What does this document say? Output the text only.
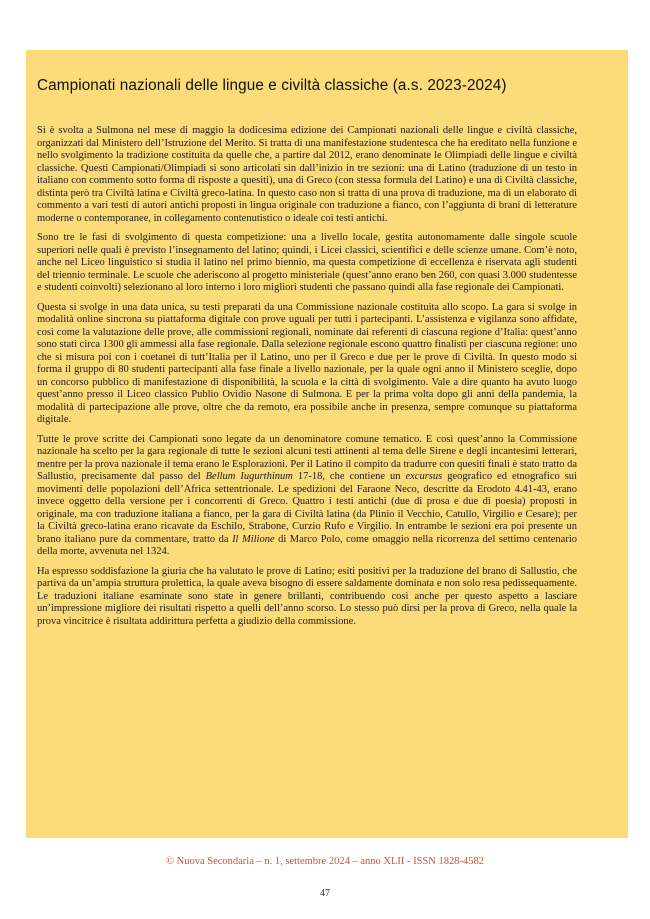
Campionati nazionali delle lingue e civiltà classiche (a.s. 2023-2024)

Si è svolta a Sulmona nel mese di maggio la dodicesima edizione dei Campionati nazionali delle lingue e civiltà classiche, organizzati dal Ministero dell’Istruzione del Merito. Si tratta di una manifestazione studentesca che ha ereditato nella funzione e nello svolgimento la tradizione costituita da quelle che, a partire dal 2012, erano denominate le Olimpiadi delle lingue e civiltà classiche. Questi Campionati/Olimpiadi si sono articolati sin dall’inizio in tre sezioni: una di Latino (traduzione di un testo in italiano con commento sotto forma di risposte a quesiti), una di Greco (con stessa formula del Latino) e una di Civiltà classiche, distinta però tra Civiltà latina e Civiltà greco-latina. In questo caso non si tratta di una prova di traduzione, ma di un elaborato di commento a vari testi di autori antichi proposti in lingua originale con traduzione a fianco, con l’aggiunta di brani di letterature moderne o contemporanee, in collegamento contenutistico o ideale coi testi antichi.

Sono tre le fasi di svolgimento di questa competizione: una a livello locale, gestita autonomamente dalle singole scuole superiori nelle quali è previsto l’insegnamento del latino; quindi, i Licei classici, scientifici e delle scienze umane. Com’è noto, anche nel Liceo linguistico si studia il latino nel primo biennio, ma questa competizione di eccellenza è riservata agli studenti del triennio terminale. Le scuole che aderiscono al progetto ministeriale (quest’anno erano ben 260, con quasi 3.000 studentesse e studenti coinvolti) selezionano al loro interno i loro migliori studenti che passano quindi alla fase regionale dei Campionati.

Questa si svolge in una data unica, su testi preparati da una Commissione nazionale costituita allo scopo. La gara si svolge in modalità online sincrona su piattaforma digitale con prove uguali per tutti i partecipanti. L’assistenza e vigilanza sono affidate, così come la valutazione delle prove, alle commissioni regionali, nominate dai referenti di ciascuna regione d’Italia: quest’anno sono stati circa 1300 gli ammessi alla fase regionale. Dalla selezione regionale escono quattro finalisti per ciascuna regione: uno che si misura poi con i coetanei di tutt’Italia per il Latino, uno per il Greco e due per le prove di Civiltà. In questo modo si forma il gruppo di 80 studenti partecipanti alla fase finale a livello nazionale, per la quale ogni anno il Ministero sceglie, dopo un concorso pubblico di manifestazione di disponibilità, la scuola e la città di svolgimento. Vale a dire quanto ha avuto luogo quest’anno presso il Liceo classico Publio Ovidio Nasone di Sulmona. E per la prima volta dopo gli anni della pandemia, la modalità di partecipazione alle prove, oltre che da remoto, era possibile anche in presenza, sempre comunque su piattaforma digitale.

Tutte le prove scritte dei Campionati sono legate da un denominatore comune tematico. E così quest’anno la Commissione nazionale ha scelto per la gara regionale di tutte le sezioni alcuni testi attinenti al tema delle Sirene e degli incantesimi letterari, mentre per la prova nazionale il tema erano le Esplorazioni. Per il Latino il compito da tradurre con quesiti finali è stato tratto da Sallustio, precisamente dal passo del Bellum Iugurthinum 17-18, che contiene un excursus geografico ed etnografico sui movimenti delle popolazioni dell’Africa settentrionale. Le spedizioni del Faraone Neco, descritte da Erodoto 4.41-43, erano invece oggetto della versione per i concorrenti di Greco. Quattro i testi antichi (due di prosa e due di poesia) proposti in originale, ma con traduzione italiana a fianco, per la gara di Civiltà latina (da Plinio il Vecchio, Catullo, Virgilio e Cesare); per la Civiltà greco-latina erano ricavate da Eschilo, Strabone, Curzio Rufo e Virgilio. In entrambe le sezioni era poi presente un brano italiano pure da commentare, tratto da Il Milione di Marco Polo, come omaggio nella ricorrenza del settimo centenario della morte, avvenuta nel 1324.

Ha espresso soddisfazione la giuria che ha valutato le prove di Latino; esiti positivi per la traduzione del brano di Sallustio, che partiva da un’ampia struttura prolettica, la quale aveva bisogno di essere saldamente dominata e non solo resa pedissequamente. Le traduzioni italiane esaminate sono state in genere brillanti, contribuendo così anche per questo aspetto a lasciare un’impressione migliore dei risultati rispetto a quelli dell’anno scorso. Lo stesso può dirsi per la prova di Greco, nella quale la prova vincitrice è risultata addirittura perfetta a giudizio della commissione.

© Nuova Secondaria – n. 1, settembre 2024 – anno XLII - ISSN 1828-4582
47
